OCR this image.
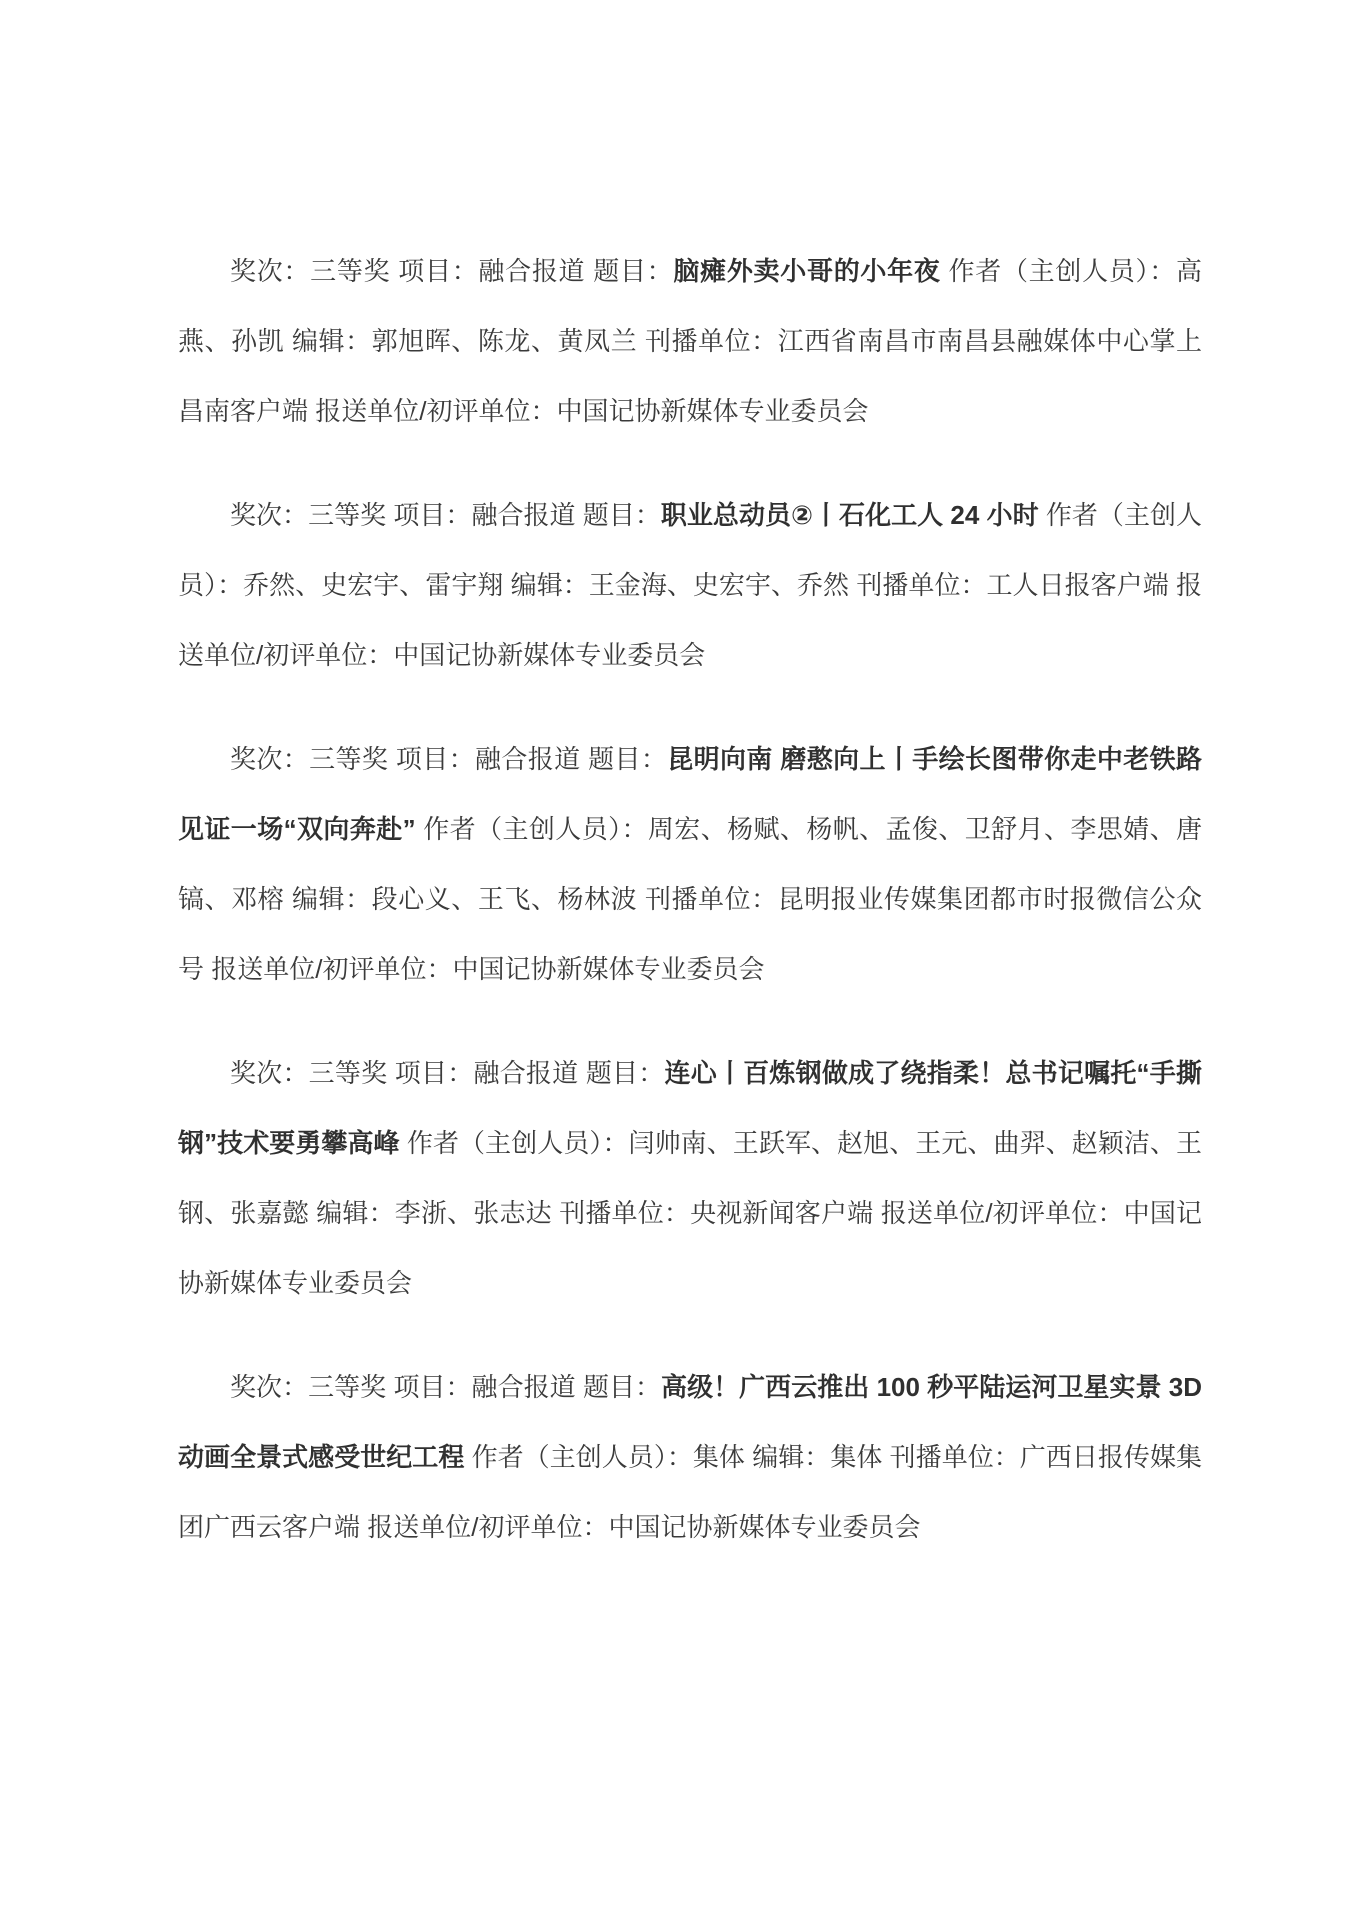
奖次：三等奖 项目：融合报道 题目：脑瘫外卖小哥的小年夜 作者（主创人员）：高燕、孙凯 编辑：郭旭晖、陈龙、黄凤兰 刊播单位：江西省南昌市南昌县融媒体中心掌上昌南客户端 报送单位/初评单位：中国记协新媒体专业委员会

奖次：三等奖 项目：融合报道 题目：职业总动员②丨石化工人 24 小时 作者（主创人员）：乔然、史宏宇、雷宇翔 编辑：王金海、史宏宇、乔然 刊播单位：工人日报客户端 报送单位/初评单位：中国记协新媒体专业委员会

奖次：三等奖 项目：融合报道 题目：昆明向南 磨憨向上丨手绘长图带你走中老铁路 见证一场“双向奔赴” 作者（主创人员）：周宏、杨赋、杨帆、孟俊、卫舒月、李思婧、唐镐、邓榕 编辑：段心义、王飞、杨林波 刊播单位：昆明报业传媒集团都市时报微信公众号 报送单位/初评单位：中国记协新媒体专业委员会

奖次：三等奖 项目：融合报道 题目：连心丨百炼钢做成了绕指柔！总书记嘱托“手撕钢”技术要勇攀高峰 作者（主创人员）：闫帅南、王跃军、赵旭、王元、曲羿、赵颖洁、王钢、张嘉懿 编辑：李浙、张志达 刊播单位：央视新闻客户端 报送单位/初评单位：中国记协新媒体专业委员会

奖次：三等奖 项目：融合报道 题目：高级！广西云推出 100 秒平陆运河卫星实景 3D 动画全景式感受世纪工程 作者（主创人员）：集体 编辑：集体 刊播单位：广西日报传媒集团广西云客户端 报送单位/初评单位：中国记协新媒体专业委员会
